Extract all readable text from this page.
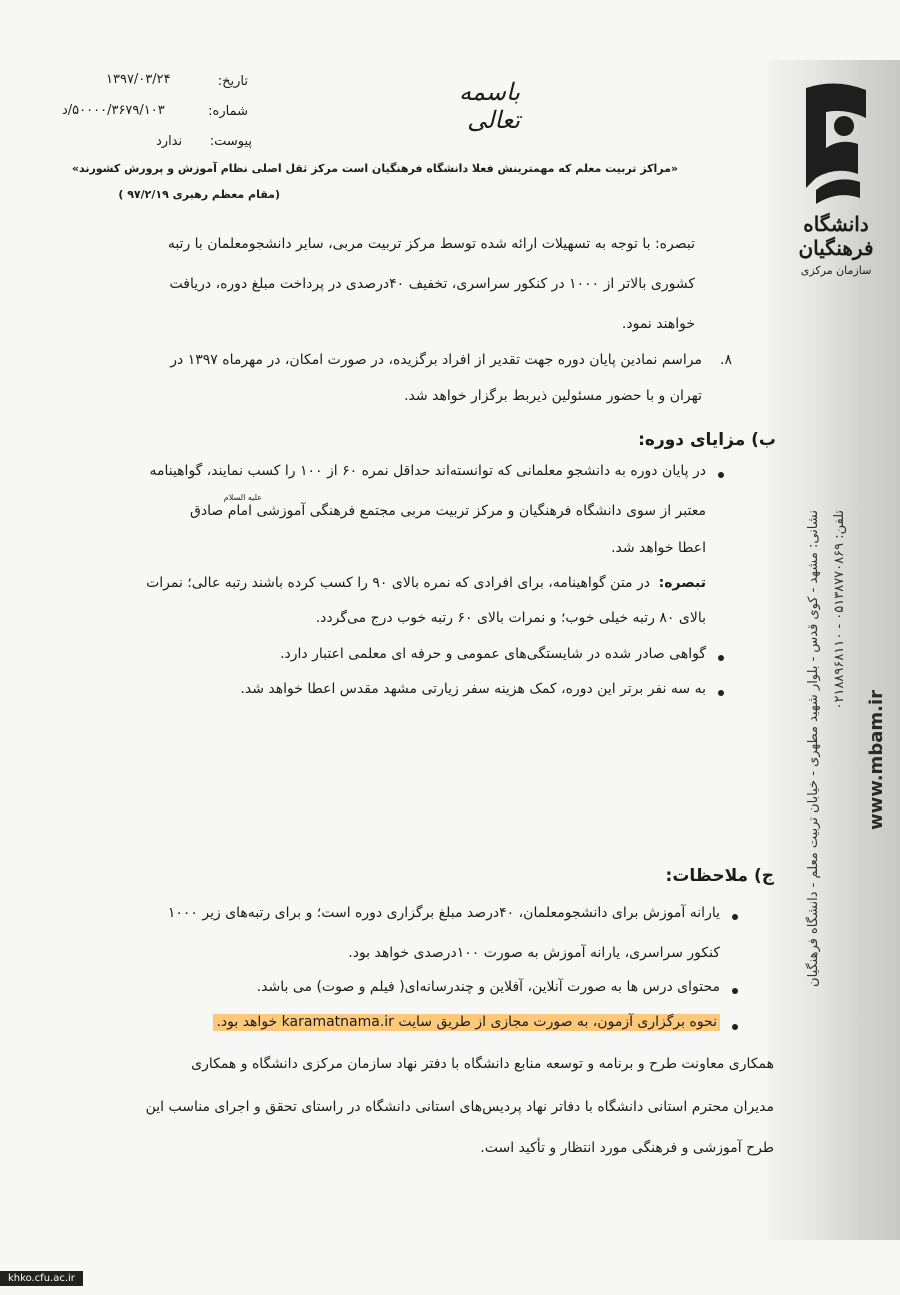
www.mbam.ir
نشانی: مشهد - کوی قدس - بلوار شهید مطهری - خیابان تربیت معلم - دانشگاه فرهنگیان تلفن: ۰۵۱۳۸۷۷۰۸۶۹ - ۰۲۱۸۸۹۶۸۱۱۰
دانشگاه فرهنگیان
سازمان مرکزی
باسمه تعالی
تاریخ:
۱۳۹۷/۰۳/۲۴
شماره:
۵۰۰۰۰/۳۶۷۹/۱۰۳/د
پیوست:
ندارد

«مراکز تربیت معلم که مهمترینش فعلا دانشگاه فرهنگیان است مرکز ثقل اصلی نظام آموزش و پرورش کشورند»

(مقام معظم رهبری ۹۷/۲/۱۹ )

تبصره: با توجه به تسهیلات ارائه شده توسط مرکز تربیت مربی، سایر دانشجومعلمان با رتبه

کشوری بالاتر از ۱۰۰۰ در کنکور سراسری، تخفیف ۴۰درصدی در پرداخت مبلغ دوره، دریافت

خواهند نمود.

۸.

مراسم نمادین پایان دوره جهت تقدیر از افراد برگزیده، در صورت امکان، در مهرماه ۱۳۹۷ در

تهران و با حضور مسئولین ذیربط برگزار خواهد شد.

ب) مزایای دوره:

در پایان دوره به دانشجو معلمانی که توانسته‌اند حداقل نمره ۶۰ از ۱۰۰ را کسب نمایند، گواهینامه

معتبر از سوی دانشگاه فرهنگیان و مرکز تربیت مربی مجتمع فرهنگی آموزشی امام صادق

علیه السلام

اعطا خواهد شد.

تبصره:

در متن گواهینامه، برای افرادی که نمره بالای ۹۰ را کسب کرده باشند رتبه عالی؛ نمرات

بالای ۸۰ رتبه خیلی خوب؛ و نمرات بالای ۶۰ رتبه خوب درج می‌گردد.

گواهی صادر شده در شایستگی‌های عمومی و حرفه ای معلمی اعتبار دارد.

به سه نفر برتر این دوره، کمک هزینه سفر زیارتی مشهد مقدس اعطا خواهد شد.

ج) ملاحظات:

یارانه آموزش برای دانشجومعلمان، ۴۰درصد مبلغ برگزاری دوره است؛ و برای رتبه‌های زیر ۱۰۰۰

کنکور سراسری، یارانه آموزش به صورت ۱۰۰درصدی خواهد بود.

محتوای درس ها به صورت آنلاین، آفلاین و چندرسانه‌ای( فیلم و صوت) می باشد.

نحوه برگزاری آزمون، به صورت مجازی از طریق سایت karamatnama.ir خواهد بود.

همکاری معاونت طرح و برنامه و توسعه منابع دانشگاه با دفتر نهاد سازمان مرکزی دانشگاه و همکاری

مدیران محترم استانی دانشگاه با دفاتر نهاد پردیس‌های استانی دانشگاه در راستای تحقق و اجرای مناسب این

طرح آموزشی و فرهنگی مورد انتظار و تأکید است.

khko.cfu.ac.ir
